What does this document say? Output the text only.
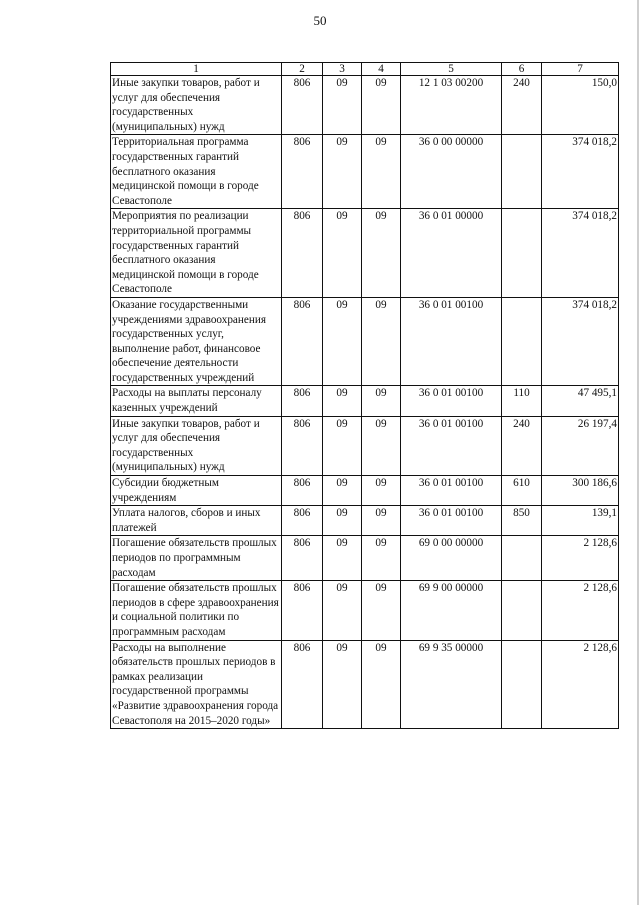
50
1	2	3	4	5	6	7
Иные закупки товаров, работ и услуг для обеспечения государственных (муниципальных) нужд	806	09	09	12 1 03 00200	240	150,0
Территориальная программа государственных гарантий бесплатного оказания медицинской помощи в городе Севастополе	806	09	09	36 0 00 00000		374 018,2
Мероприятия по реализации территориальной программы государственных гарантий бесплатного оказания медицинской помощи в городе Севастополе	806	09	09	36 0 01 00000		374 018,2
Оказание государственными учреждениями здравоохранения государственных услуг, выполнение работ, финансовое обеспечение деятельности государственных учреждений	806	09	09	36 0 01 00100		374 018,2
Расходы на выплаты персоналу казенных учреждений	806	09	09	36 0 01 00100	110	47 495,1
Иные закупки товаров, работ и услуг для обеспечения государственных (муниципальных) нужд	806	09	09	36 0 01 00100	240	26 197,4
Субсидии бюджетным учреждениям	806	09	09	36 0 01 00100	610	300 186,6
Уплата налогов, сборов и иных платежей	806	09	09	36 0 01 00100	850	139,1
Погашение обязательств прошлых периодов по программным расходам	806	09	09	69 0 00 00000		2 128,6
Погашение обязательств прошлых периодов в сфере здравоохранения и социальной политики по программным расходам	806	09	09	69 9 00 00000		2 128,6
Расходы на выполнение обязательств прошлых периодов в рамках реализации государственной программы «Развитие здравоохранения города Севастополя на 2015–2020 годы»	806	09	09	69 9 35 00000		2 128,6
